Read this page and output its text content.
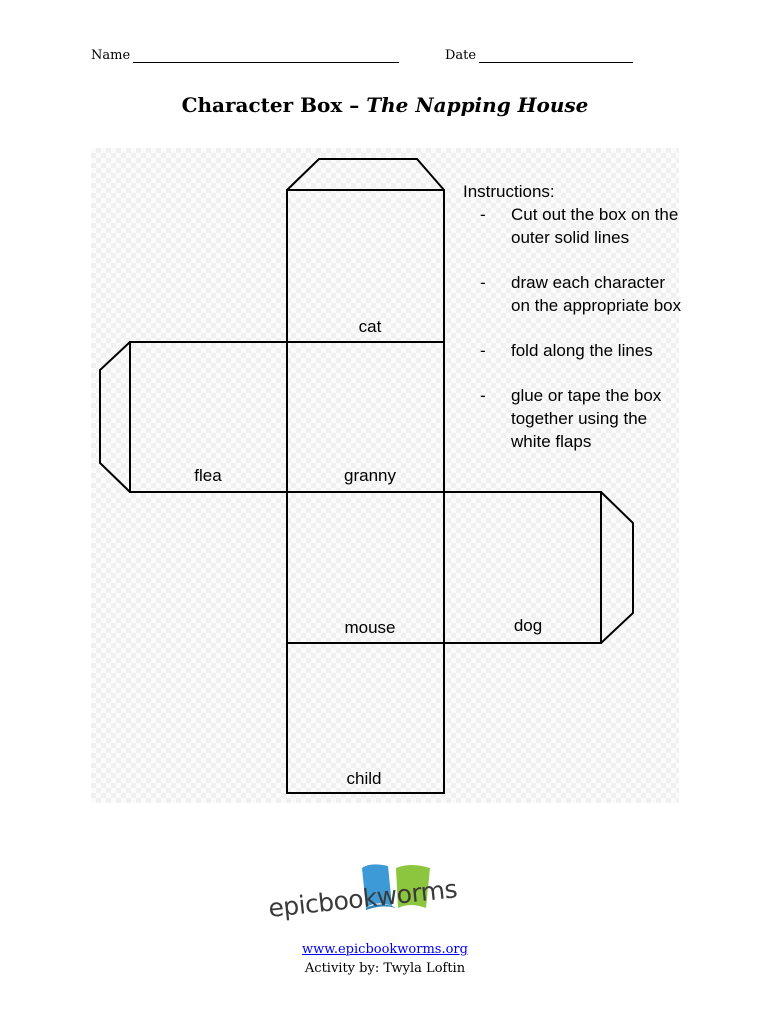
Name	Date
Character Box – The Napping House
cat
flea	granny
mouse	dog
child
Instructions:
- Cut out the box on the outer solid lines
- draw each character on the appropriate box
- fold along the lines
- glue or tape the box together using the white flaps
epicbookworms
www.epicbookworms.org
Activity by: Twyla Loftin
